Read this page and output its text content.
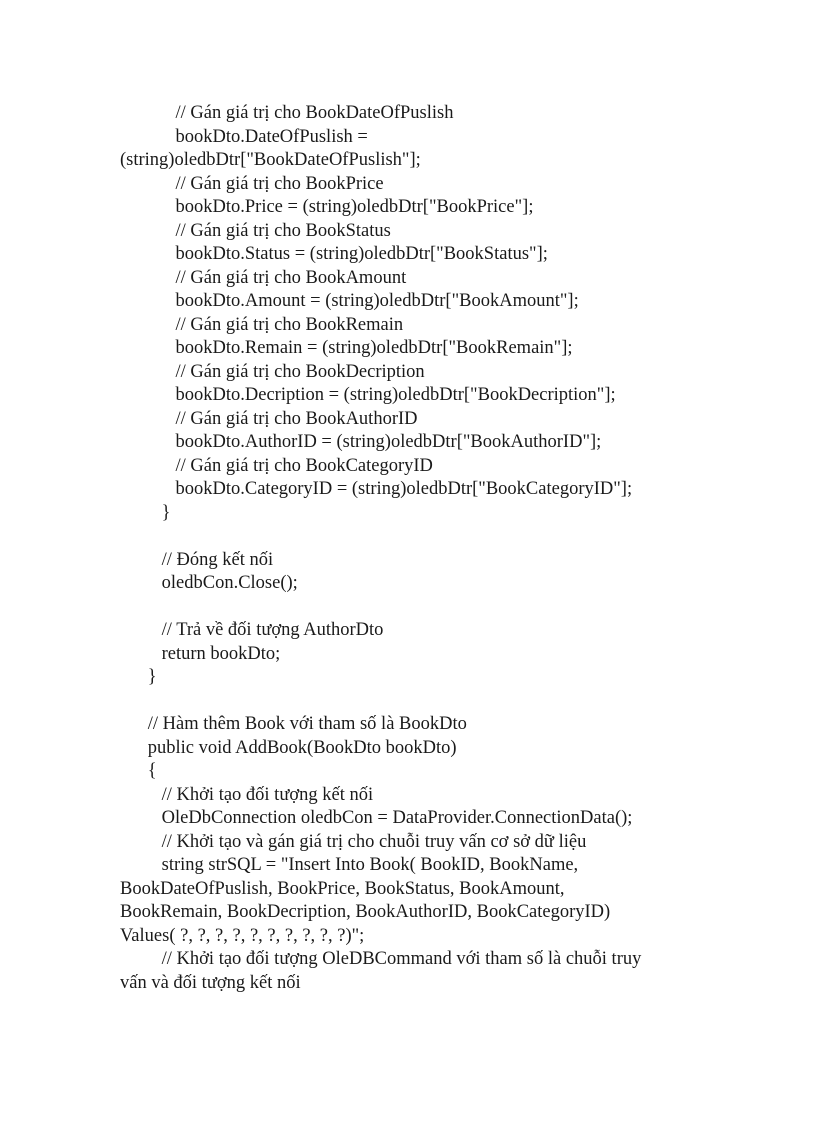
// Gán giá trị cho BookDateOfPuslish
bookDto.DateOfPuslish =
(string)oledbDtr["BookDateOfPuslish"];
// Gán giá trị cho BookPrice
bookDto.Price = (string)oledbDtr["BookPrice"];
// Gán giá trị cho BookStatus
bookDto.Status = (string)oledbDtr["BookStatus"];
// Gán giá trị cho BookAmount
bookDto.Amount = (string)oledbDtr["BookAmount"];
// Gán giá trị cho BookRemain
bookDto.Remain = (string)oledbDtr["BookRemain"];
// Gán giá trị cho BookDecription
bookDto.Decription = (string)oledbDtr["BookDecription"];
// Gán giá trị cho BookAuthorID
bookDto.AuthorID = (string)oledbDtr["BookAuthorID"];
// Gán giá trị cho BookCategoryID
bookDto.CategoryID = (string)oledbDtr["BookCategoryID"];
}
// Đóng kết nối
oledbCon.Close();
// Trả về đối tượng AuthorDto
return bookDto;
}
// Hàm thêm Book với tham số là BookDto
public void AddBook(BookDto bookDto)
{
// Khởi tạo đối tượng kết nối
OleDbConnection oledbCon = DataProvider.ConnectionData();
// Khởi tạo và gán giá trị cho chuỗi truy vấn cơ sở dữ liệu
string strSQL = "Insert Into Book( BookID, BookName,
BookDateOfPuslish, BookPrice, BookStatus, BookAmount,
BookRemain, BookDecription, BookAuthorID, BookCategoryID)
Values( ?, ?, ?, ?, ?, ?, ?, ?, ?, ?)";
// Khởi tạo đối tượng OleDBCommand với tham số là chuỗi truy
vấn và đối tượng kết nối
